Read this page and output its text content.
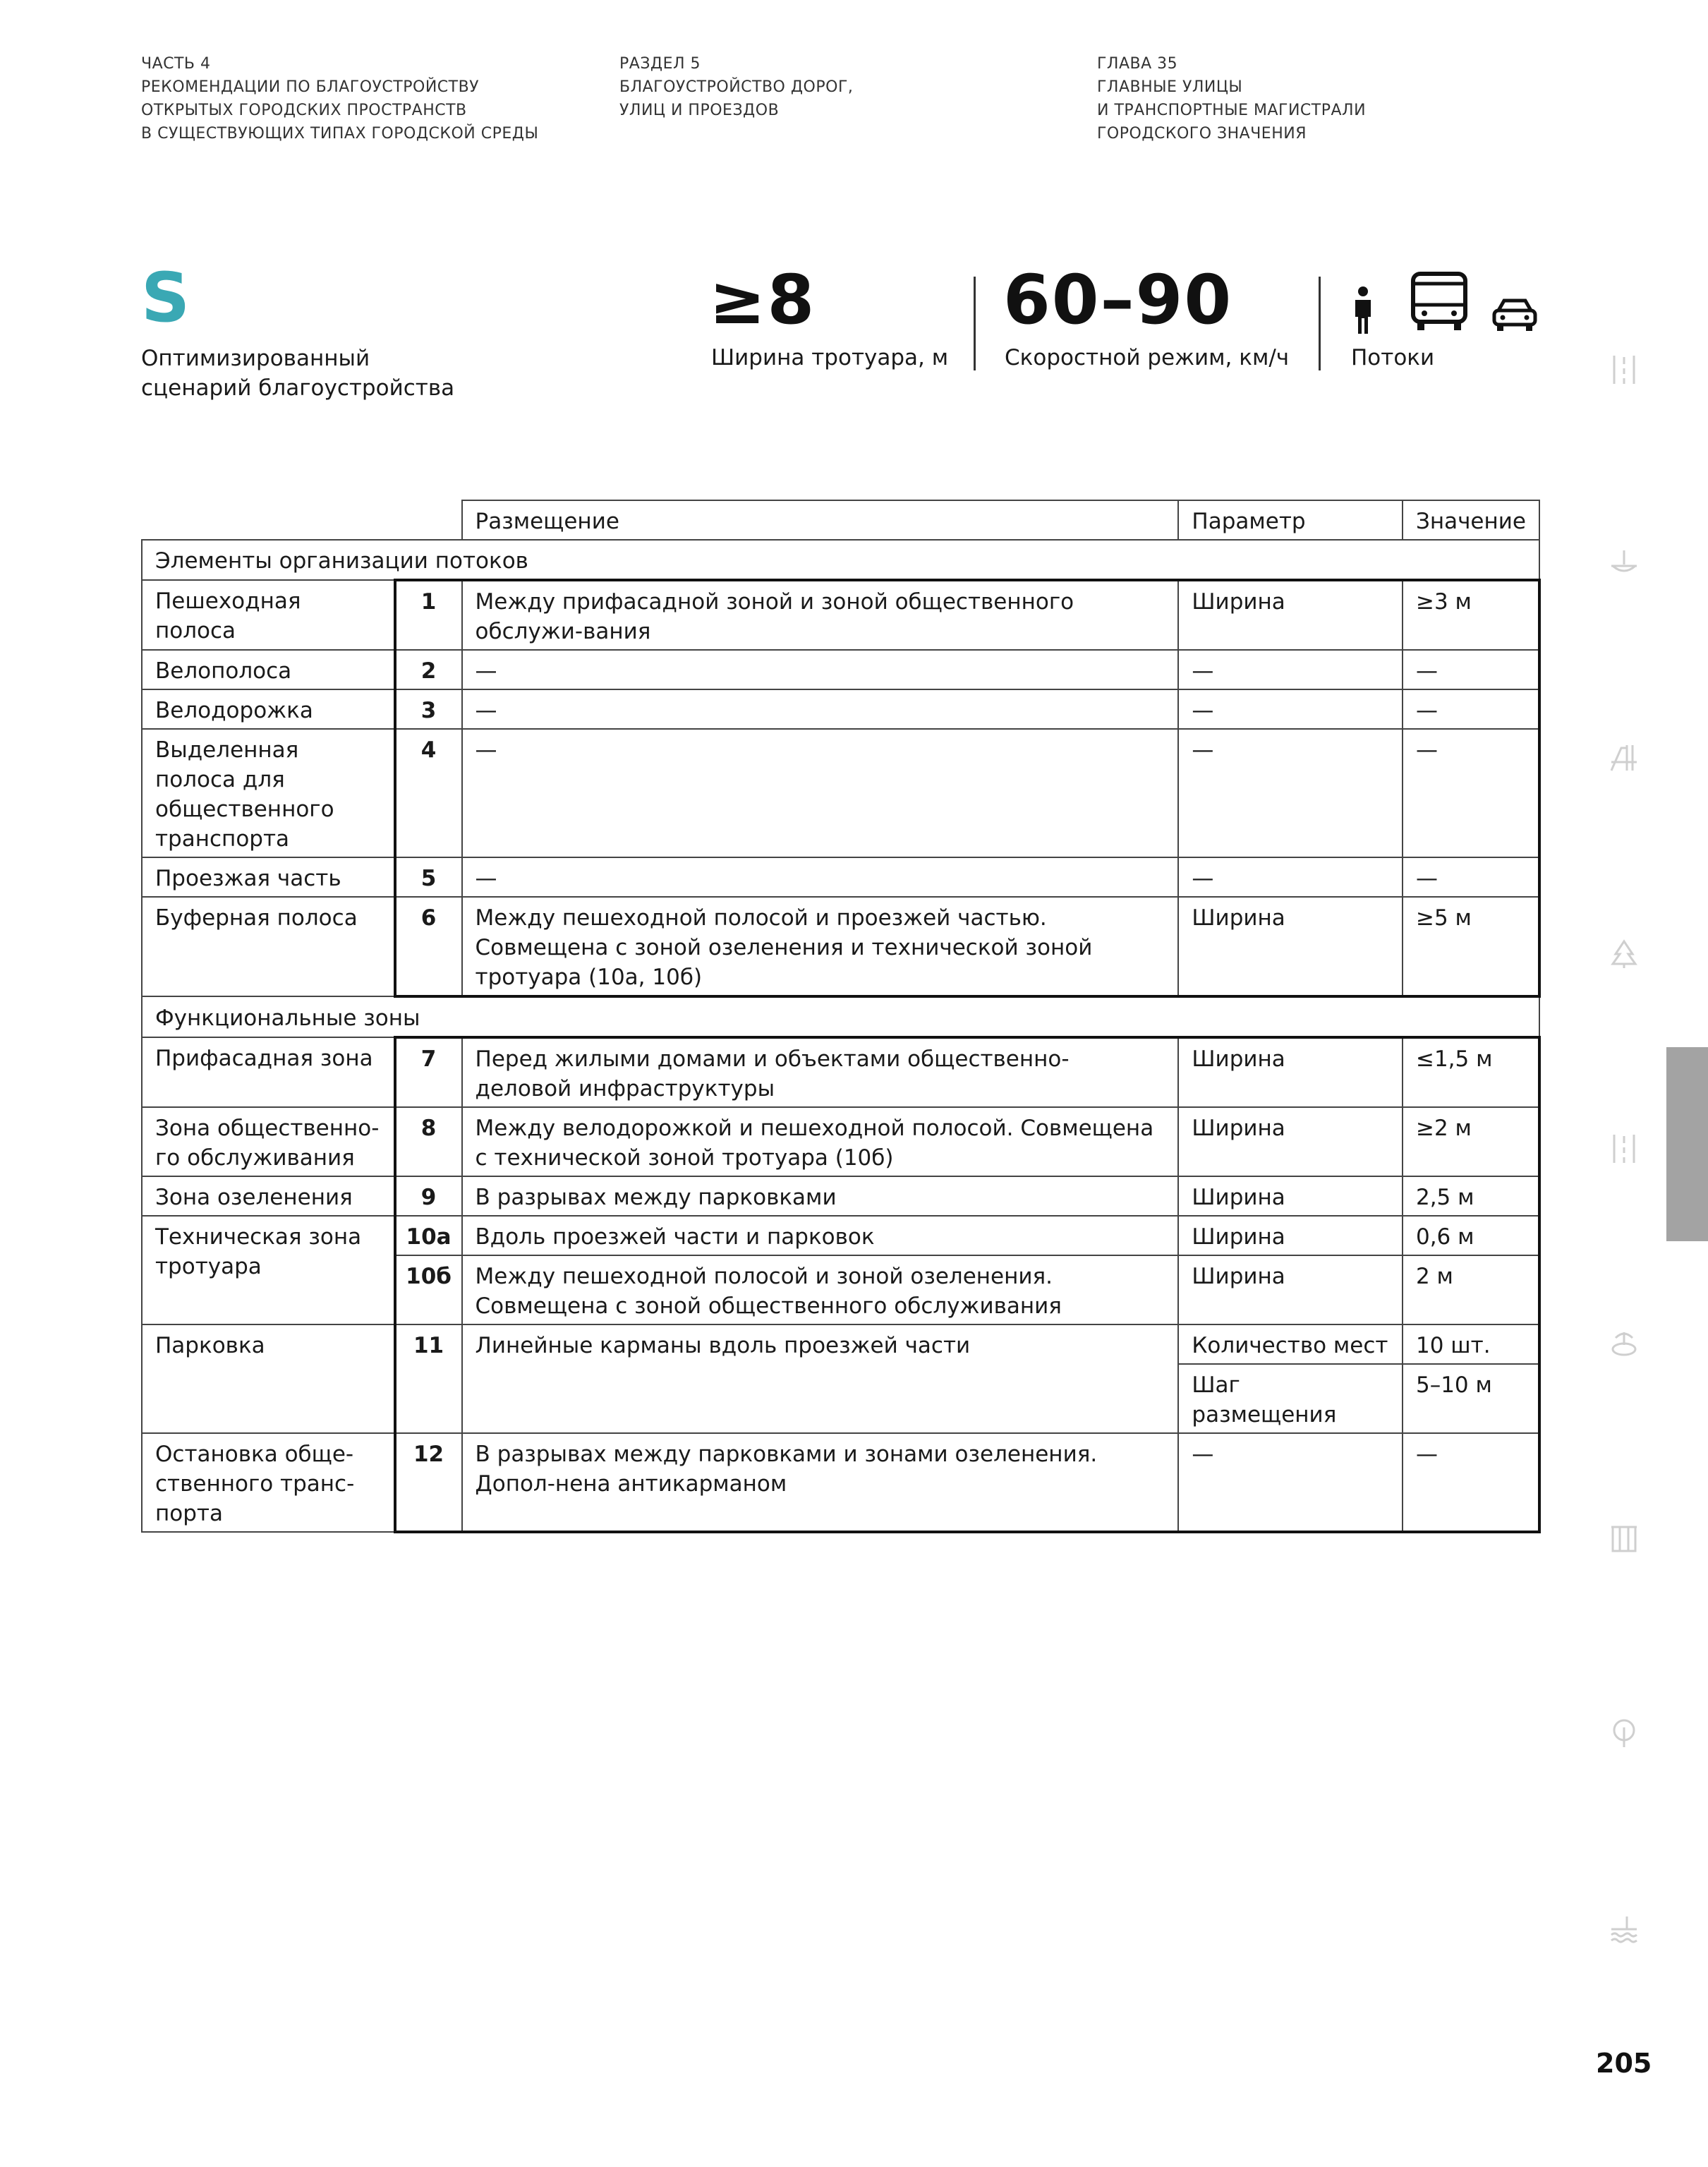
ЧАСТЬ 4
РЕКОМЕНДАЦИИ ПО БЛАГОУСТРОЙСТВУ
ОТКРЫТЫХ ГОРОДСКИХ ПРОСТРАНСТВ
В СУЩЕСТВУЮЩИХ ТИПАХ ГОРОДСКОЙ СРЕДЫ
РАЗДЕЛ 5
БЛАГОУСТРОЙСТВО ДОРОГ,
УЛИЦ И ПРОЕЗДОВ
ГЛАВА 35
ГЛАВНЫЕ УЛИЦЫ
И ТРАНСПОРТНЫЕ МАГИСТРАЛИ
ГОРОДСКОГО ЗНАЧЕНИЯ
S
Оптимизированный
сценарий благоустройства
≥8
Ширина тротуара, м
60–90
Скоростной режим, км/ч	Потоки
		Размещение	Параметр	Значение
Элементы организации потоков				
Пешеходная полоса	1	Между прифасадной зоной и зоной общественного обслужи-вания	Ширина	≥3 м
Велополоса	2	—	—	—
Велодорожка	3	—	—	—
Выделенная полоса для общественного транспорта	4	—	—	—
Проезжая часть	5	—	—	—
Буферная полоса	6	Между пешеходной полосой и проезжей частью. Совмещена с зоной озеленения и технической зоной тротуара (10а, 10б)	Ширина	≥5 м
Функциональные зоны				
Прифасадная зона	7	Перед жилыми домами и объектами общественно-деловой инфраструктуры	Ширина	≤1,5 м
Зона общественно-го обслуживания	8	Между велодорожкой и пешеходной полосой. Совмещена с технической зоной тротуара (10б)	Ширина	≥2 м
Зона озеленения	9	В разрывах между парковками	Ширина	2,5 м
Техническая зона тротуара	10а	Вдоль проезжей части и парковок	Ширина	0,6 м
	10б	Между пешеходной полосой и зоной озеленения. Совмещена с зоной общественного обслуживания	Ширина	2 м
Парковка	11	Линейные карманы вдоль проезжей части	Количество мест	10 шт.
			Шаг размещения	5–10 м
Остановка обще-ственного транс-порта	12	В разрывах между парковками и зонами озеленения. Допол-нена антикарманом	—	—
205
